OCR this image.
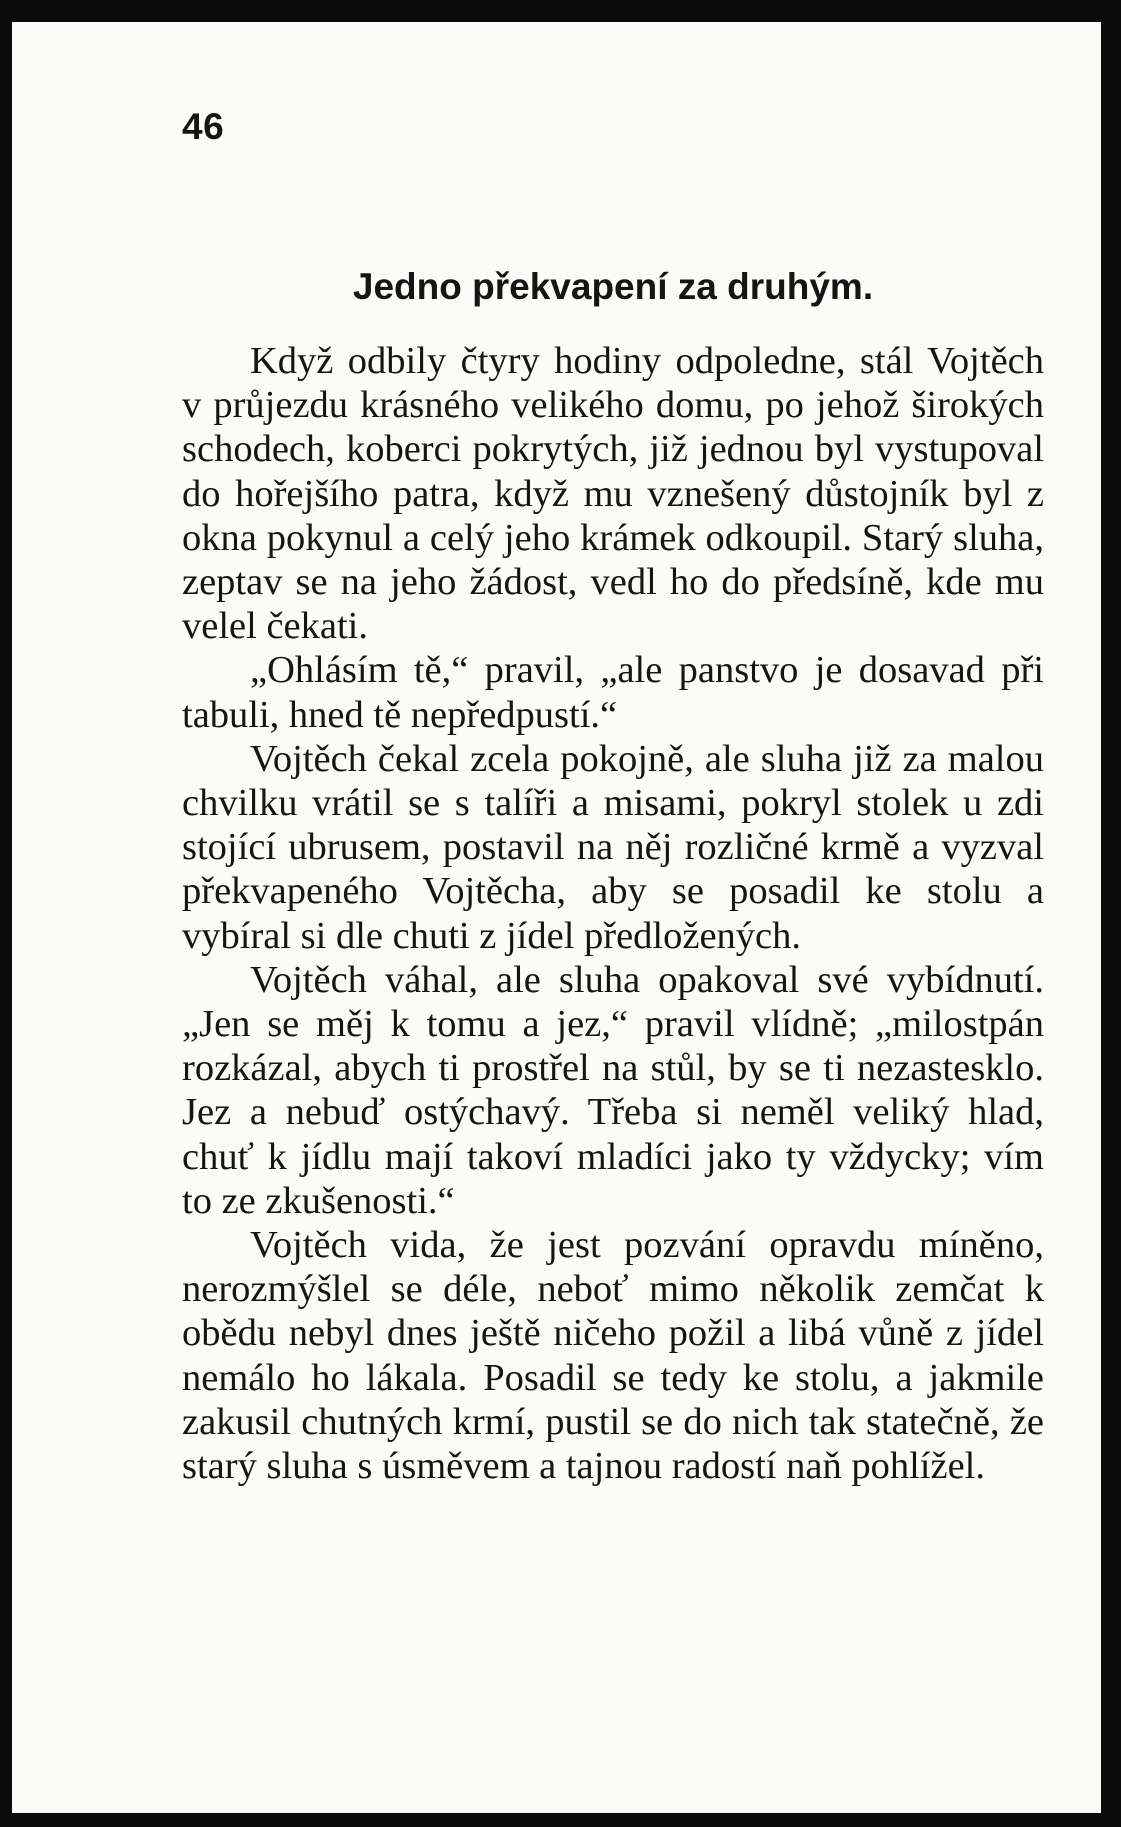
46

Jedno překvapení za druhým.

Když odbily čtyry hodiny odpoledne, stál Vojtěch v průjezdu krásného velikého domu, po jehož širokých schodech, koberci pokrytých, již jednou byl vystupoval do hořejšího patra, když mu vznešený důstojník byl z okna pokynul a celý jeho krámek odkoupil. Starý sluha, zeptav se na jeho žádost, vedl ho do předsíně, kde mu velel čekati.

„Ohlásím tě,“ pravil, „ale panstvo je dosavad při tabuli, hned tě nepředpustí.“

Vojtěch čekal zcela pokojně, ale sluha již za malou chvilku vrátil se s talíři a misami, pokryl stolek u zdi stojící ubrusem, postavil na něj rozličné krmě a vyzval překvapeného Vojtěcha, aby se posadil ke stolu a vybíral si dle chuti z jídel předložených.

Vojtěch váhal, ale sluha opakoval své vybídnutí. „Jen se měj k tomu a jez,“ pravil vlídně; „milostpán rozkázal, abych ti prostřel na stůl, by se ti nezastesklo. Jez a nebuď ostýchavý. Třeba si neměl veliký hlad, chuť k jídlu mají takoví mladíci jako ty vždycky; vím to ze zkušenosti.“

Vojtěch vida, že jest pozvání opravdu míněno, nerozmýšlel se déle, neboť mimo několik zemčat k obědu nebyl dnes ještě ničeho požil a libá vůně z jídel nemálo ho lákala. Posadil se tedy ke stolu, a jakmile zakusil chutných krmí, pustil se do nich tak statečně, že starý sluha s úsměvem a tajnou radostí naň pohlížel.
